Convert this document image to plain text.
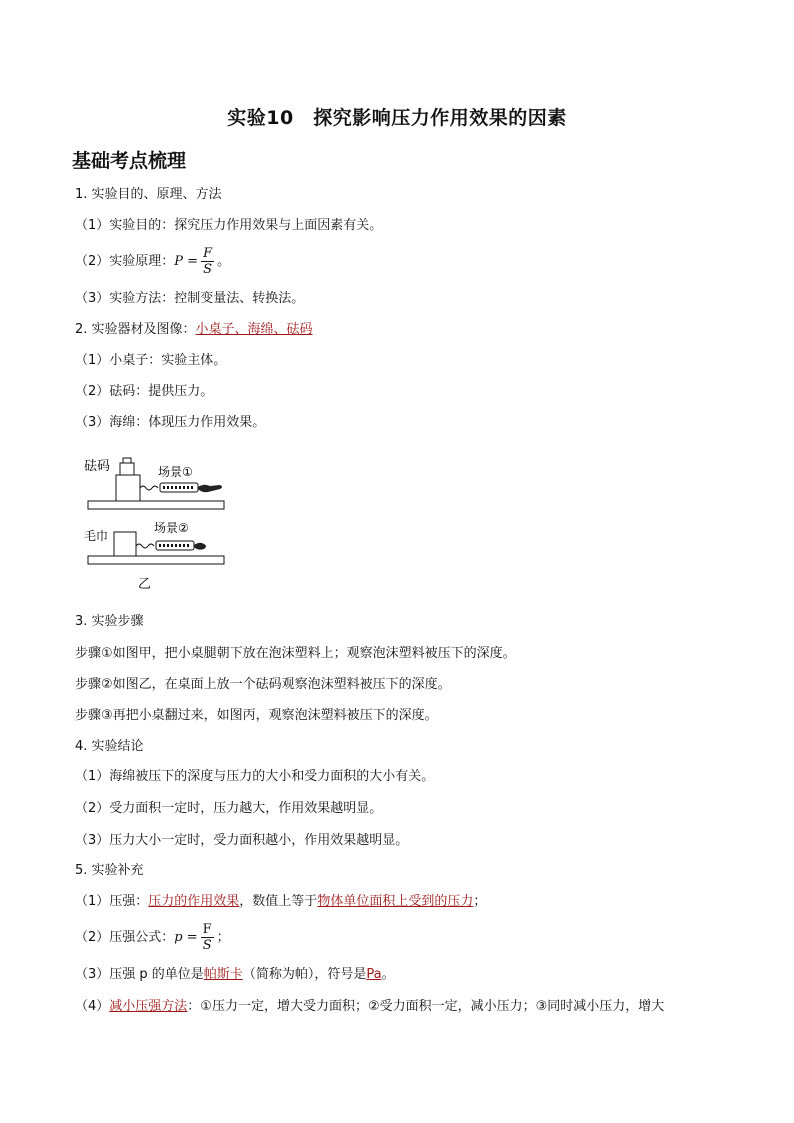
实验10　探究影响压力作用效果的因素
基础考点梳理
1. 实验目的、原理、方法
（1）实验目的：探究压力作用效果与上面因素有关。
（2）实验原理：$P = \frac{F}{S}$ 。
（3）实验方法：控制变量法、转换法。
2. 实验器材及图像：小桌子、海绵、砝码
（1）小桌子：实验主体。
（2）砝码：提供压力。
（3）海绵：体现压力作用效果。
砝码	场景①
毛巾
场景②
乙
3. 实验步骤
步骤①如图甲，把小桌腿朝下放在泡沫塑料上；观察泡沫塑料被压下的深度。
步骤②如图乙，在桌面上放一个砝码观察泡沫塑料被压下的深度。
步骤③再把小桌翻过来，如图丙，观察泡沫塑料被压下的深度。
4. 实验结论
（1）海绵被压下的深度与压力的大小和受力面积的大小有关。
（2）受力面积一定时，压力越大，作用效果越明显。
（3）压力大小一定时，受力面积越小，作用效果越明显。
5. 实验补充
（1）压强：压力的作用效果，数值上等于物体单位面积上受到的压力；
（2）压强公式：$p = \frac{F}{S}$ ；
（3）压强 p 的单位是帕斯卡（简称为帕），符号是Pa。
（4）减小压强方法：①压力一定，增大受力面积；②受力面积一定，减小压力；③同时减小压力，增大
